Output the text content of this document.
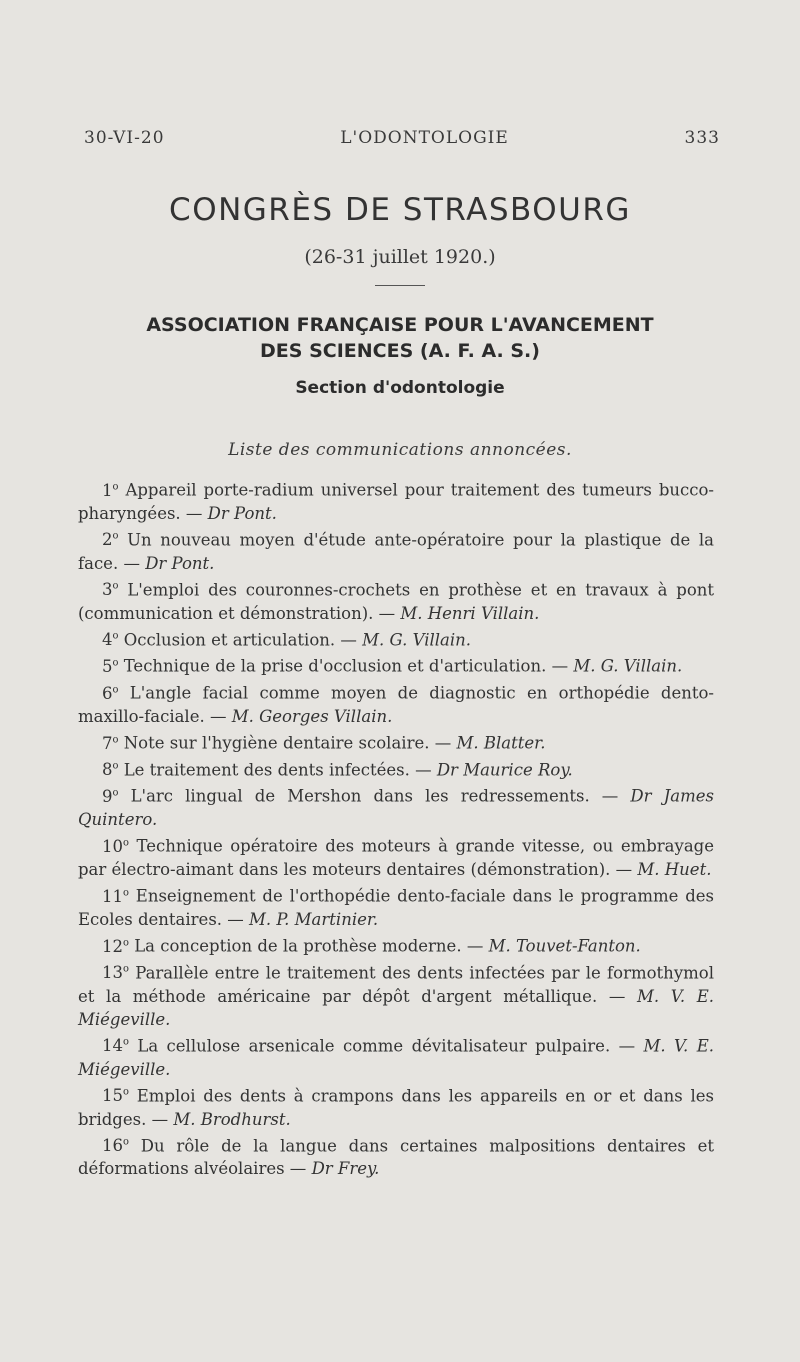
30-VI-20	L'ODONTOLOGIE	333
CONGRÈS DE STRASBOURG
(26-31 juillet 1920.)
ASSOCIATION FRANÇAISE POUR L'AVANCEMENT
DES SCIENCES (A. F. A. S.)
Section d'odontologie
Liste des communications annoncées.
1$^o$ Appareil porte-radium universel pour traitement des tumeurs bucco-pharyngées. — Dr Pont.
2$^o$ Un nouveau moyen d'étude ante-opératoire pour la plastique de la face. — Dr Pont.
3$^o$ L'emploi des couronnes-crochets en prothèse et en travaux à pont (communication et démonstration). — M. Henri Villain.
4$^o$ Occlusion et articulation. — M. G. Villain.
5$^o$ Technique de la prise d'occlusion et d'articulation. — M. G. Villain.
6$^o$ L'angle facial comme moyen de diagnostic en orthopédie dento-maxillo-faciale. — M. Georges Villain.
7$^o$ Note sur l'hygiène dentaire scolaire. — M. Blatter.
8$^o$ Le traitement des dents infectées. — Dr Maurice Roy.
9$^o$ L'arc lingual de Mershon dans les redressements. — Dr James Quintero.
10$^o$ Technique opératoire des moteurs à grande vitesse, ou embrayage par électro-aimant dans les moteurs dentaires (démonstration). — M. Huet.
11$^o$ Enseignement de l'orthopédie dento-faciale dans le programme des Ecoles dentaires. — M. P. Martinier.
12$^o$ La conception de la prothèse moderne. — M. Touvet-Fanton.
13$^o$ Parallèle entre le traitement des dents infectées par le formothymol et la méthode américaine par dépôt d'argent métallique. — M. V. E. Miégeville.
14$^o$ La cellulose arsenicale comme dévitalisateur pulpaire. — M. V. E. Miégeville.
15$^o$ Emploi des dents à crampons dans les appareils en or et dans les bridges. — M. Brodhurst.
16$^o$ Du rôle de la langue dans certaines malpositions dentaires et déformations alvéolaires — Dr Frey.
